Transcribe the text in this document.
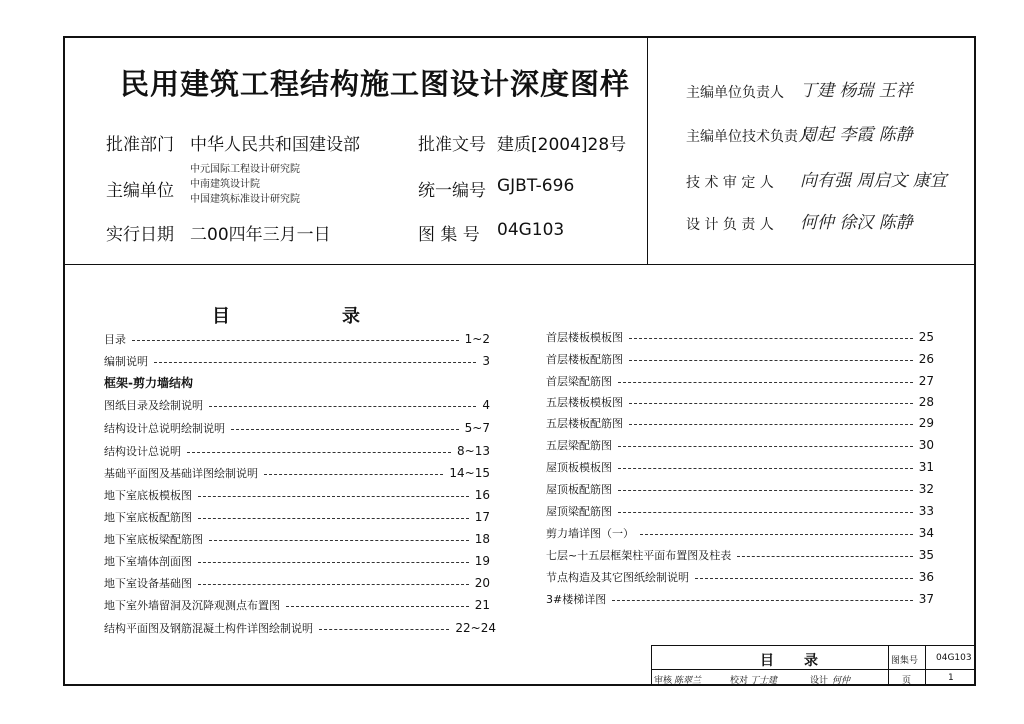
民用建筑工程结构施工图设计深度图样
批准部门 中华人民共和国建设部	批准文号 建质[2004]28号
主编单位
中元国际工程设计研究院
中南建筑设计院
中国建筑标准设计研究院	统一编号 GJBT-696
实行日期 二00四年三月一日	图 集 号 04G103
主编单位负责人 丁建 杨瑞 王祥
主编单位技术负责人
周起 李霞 陈静
技 术 审 定 人 向有强 周启文 康宜
设 计 负 责 人 何仲 徐汉 陈静
目	录
目录	1~2
编制说明	3
框架-剪力墙结构
图纸目录及绘制说明	4
结构设计总说明绘制说明	5~7
结构设计总说明	8~13
基础平面图及基础详图绘制说明	14~15
地下室底板模板图	16
地下室底板配筋图	17
地下室底板梁配筋图	18
地下室墙体剖面图	19
地下室设备基础图	20
地下室外墙留洞及沉降观测点布置图	21
结构平面图及钢筋混凝土构件详图绘制说明	22~24
首层楼板模板图	25
首层楼板配筋图	26
首层梁配筋图	27
五层楼板模板图	28
五层楼板配筋图	29
五层梁配筋图	30
屋顶板模板图	31
屋顶板配筋图	32
屋顶梁配筋图	33
剪力墙详图（一）	34
七层~十五层框架柱平面布置图及柱表	35
节点构造及其它图纸绘制说明	36
3#楼梯详图	37
目 录	图集号 04G103
审核 陈翠兰	校对 丁士建	设计 何仲	页	1
